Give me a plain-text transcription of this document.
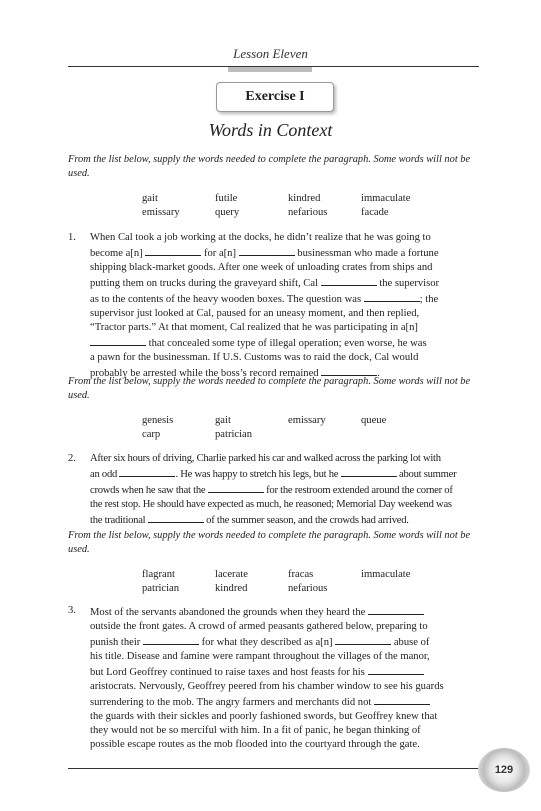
Lesson Eleven
Exercise I
Words in Context
From the list below, supply the words needed to complete the paragraph. Some words will not be used.
gait	futile	kindred	immaculate
emissary	query	nefarious	facade
1. When Cal took a job working at the docks, he didn’t realize that he was going to
become a[n]	for a[n]	businessman who made a fortune
shipping black-market goods. After one week of unloading crates from ships and
putting them on trucks during the graveyard shift, Cal	the supervisor
as to the contents of the heavy wooden boxes. The question was	; the
supervisor just looked at Cal, paused for an uneasy moment, and then replied,
“Tractor parts.” At that moment, Cal realized that he was participating in a[n]
that concealed some type of illegal operation; even worse, he was
a pawn for the businessman. If U.S. Customs was to raid the dock, Cal would
probably be arrested while the boss’s record remained	.
From the list below, supply the words needed to complete the paragraph. Some words will not be used.
genesis	gait	emissary	queue
carp	patrician
2. After six hours of driving, Charlie parked his car and walked across the parking lot with
an odd	. He was happy to stretch his legs, but he	about summer
crowds when he saw that the	for the restroom extended around the corner of
the rest stop. He should have expected as much, he reasoned; Memorial Day weekend was
the traditional	of the summer season, and the crowds had arrived.
From the list below, supply the words needed to complete the paragraph. Some words will not be used.
flagrant	lacerate	fracas	immaculate
patrician	kindred	nefarious
3. Most of the servants abandoned the grounds when they heard the
outside the front gates. A crowd of armed peasants gathered below, preparing to
punish their	for what they described as a[n]	abuse of
his title. Disease and famine were rampant throughout the villages of the manor,
but Lord Geoffrey continued to raise taxes and host feasts for his
aristocrats. Nervously, Geoffrey peered from his chamber window to see his guards
surrendering to the mob. The angry farmers and merchants did not
the guards with their sickles and poorly fashioned swords, but Geoffrey knew that
they would not be so merciful with him. In a fit of panic, he began thinking of
possible escape routes as the mob flooded into the courtyard through the gate.
129
